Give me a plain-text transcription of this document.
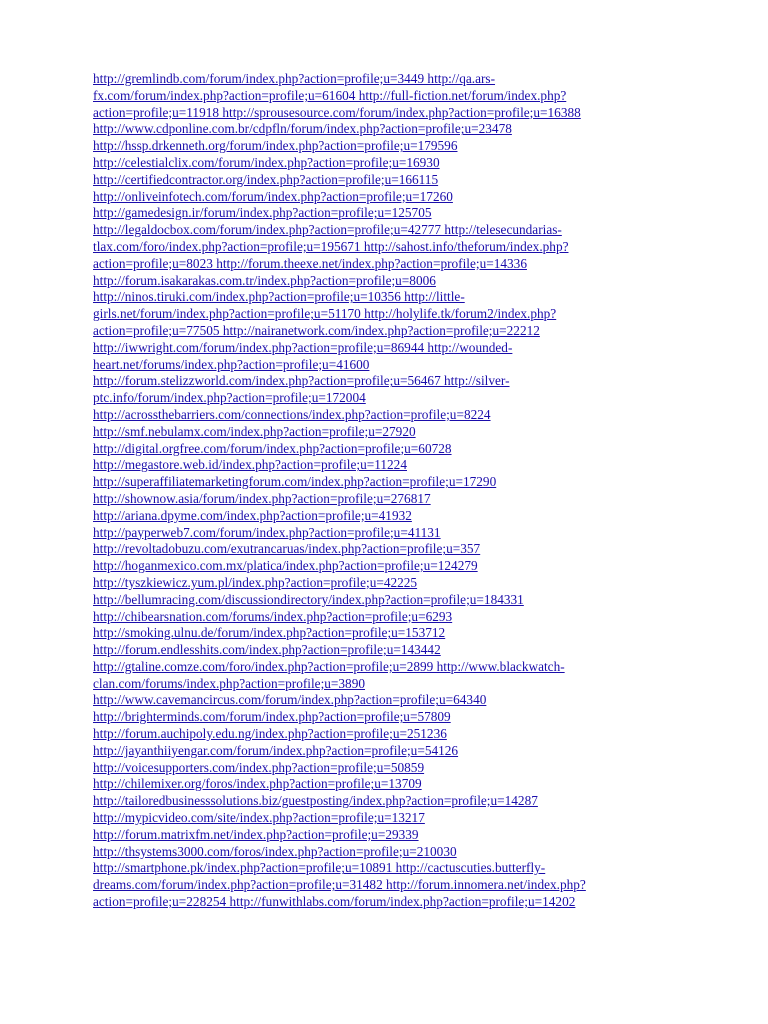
http://gremlindb.com/forum/index.php?action=profile;u=3449 http://qa.ars-
fx.com/forum/index.php?action=profile;u=61604 http://full-fiction.net/forum/index.php?
action=profile;u=11918 http://sprousesource.com/forum/index.php?action=profile;u=16388
http://www.cdponline.com.br/cdpfln/forum/index.php?action=profile;u=23478
http://hssp.drkenneth.org/forum/index.php?action=profile;u=179596
http://celestialclix.com/forum/index.php?action=profile;u=16930
http://certifiedcontractor.org/index.php?action=profile;u=166115
http://onliveinfotech.com/forum/index.php?action=profile;u=17260
http://gamedesign.ir/forum/index.php?action=profile;u=125705
http://legaldocbox.com/forum/index.php?action=profile;u=42777 http://telesecundarias-
tlax.com/foro/index.php?action=profile;u=195671 http://sahost.info/theforum/index.php?
action=profile;u=8023 http://forum.theexe.net/index.php?action=profile;u=14336
http://forum.isakarakas.com.tr/index.php?action=profile;u=8006
http://ninos.tiruki.com/index.php?action=profile;u=10356 http://little-
girls.net/forum/index.php?action=profile;u=51170 http://holylife.tk/forum2/index.php?
action=profile;u=77505 http://nairanetwork.com/index.php?action=profile;u=22212
http://iwwright.com/forum/index.php?action=profile;u=86944 http://wounded-
heart.net/forums/index.php?action=profile;u=41600
http://forum.stelizzworld.com/index.php?action=profile;u=56467 http://silver-
ptc.info/forum/index.php?action=profile;u=172004
http://acrossthebarriers.com/connections/index.php?action=profile;u=8224
http://smf.nebulamx.com/index.php?action=profile;u=27920
http://digital.orgfree.com/forum/index.php?action=profile;u=60728
http://megastore.web.id/index.php?action=profile;u=11224
http://superaffiliatemarketingforum.com/index.php?action=profile;u=17290
http://shownow.asia/forum/index.php?action=profile;u=276817
http://ariana.dpyme.com/index.php?action=profile;u=41932
http://payperweb7.com/forum/index.php?action=profile;u=41131
http://revoltadobuzu.com/exutrancaruas/index.php?action=profile;u=357
http://hoganmexico.com.mx/platica/index.php?action=profile;u=124279
http://tyszkiewicz.yum.pl/index.php?action=profile;u=42225
http://bellumracing.com/discussiondirectory/index.php?action=profile;u=184331
http://chibearsnation.com/forums/index.php?action=profile;u=6293
http://smoking.ulnu.de/forum/index.php?action=profile;u=153712
http://forum.endlesshits.com/index.php?action=profile;u=143442
http://gtaline.comze.com/foro/index.php?action=profile;u=2899 http://www.blackwatch-
clan.com/forums/index.php?action=profile;u=3890
http://www.cavemancircus.com/forum/index.php?action=profile;u=64340
http://brighterminds.com/forum/index.php?action=profile;u=57809
http://forum.auchipoly.edu.ng/index.php?action=profile;u=251236
http://jayanthiiyengar.com/forum/index.php?action=profile;u=54126
http://voicesupporters.com/index.php?action=profile;u=50859
http://chilemixer.org/foros/index.php?action=profile;u=13709
http://tailoredbusinesssolutions.biz/guestposting/index.php?action=profile;u=14287
http://mypicvideo.com/site/index.php?action=profile;u=13217
http://forum.matrixfm.net/index.php?action=profile;u=29339
http://thsystems3000.com/foros/index.php?action=profile;u=210030
http://smartphone.pk/index.php?action=profile;u=10891 http://cactuscuties.butterfly-
dreams.com/forum/index.php?action=profile;u=31482 http://forum.innomera.net/index.php?
action=profile;u=228254 http://funwithlabs.com/forum/index.php?action=profile;u=14202
